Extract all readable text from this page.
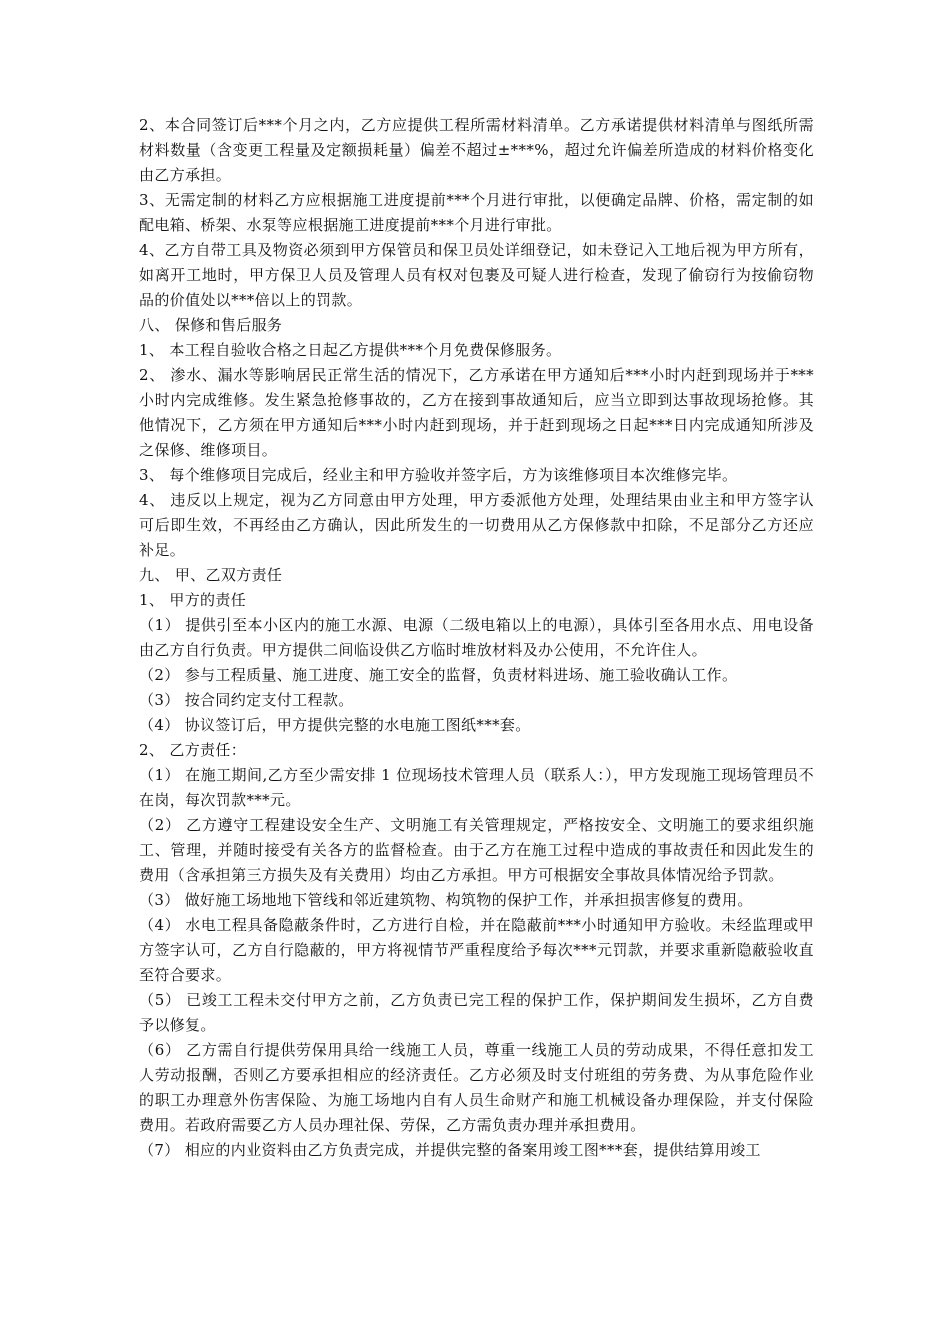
2、本合同签订后***个月之内，乙方应提供工程所需材料清单。乙方承诺提供材料清单与图纸所需材料数量（含变更工程量及定额损耗量）偏差不超过±***%，超过允许偏差所造成的材料价格变化由乙方承担。

3、无需定制的材料乙方应根据施工进度提前***个月进行审批，以便确定品牌、价格，需定制的如配电箱、桥架、水泵等应根据施工进度提前***个月进行审批。

4、乙方自带工具及物资必须到甲方保管员和保卫员处详细登记，如未登记入工地后视为甲方所有，如离开工地时，甲方保卫人员及管理人员有权对包裹及可疑人进行检查，发现了偷窃行为按偷窃物品的价值处以***倍以上的罚款。

八、 保修和售后服务

1、 本工程自验收合格之日起乙方提供***个月免费保修服务。

2、 渗水、漏水等影响居民正常生活的情况下，乙方承诺在甲方通知后***小时内赶到现场并于***小时内完成维修。发生紧急抢修事故的，乙方在接到事故通知后，应当立即到达事故现场抢修。其他情况下，乙方须在甲方通知后***小时内赶到现场，并于赶到现场之日起***日内完成通知所涉及之保修、维修项目。

3、 每个维修项目完成后，经业主和甲方验收并签字后，方为该维修项目本次维修完毕。

4、 违反以上规定，视为乙方同意由甲方处理，甲方委派他方处理，处理结果由业主和甲方签字认可后即生效，不再经由乙方确认，因此所发生的一切费用从乙方保修款中扣除，不足部分乙方还应补足。

九、 甲、乙双方责任

1、 甲方的责任

（1） 提供引至本小区内的施工水源、电源（二级电箱以上的电源），具体引至各用水点、用电设备由乙方自行负责。甲方提供二间临设供乙方临时堆放材料及办公使用，不允许住人。

（2） 参与工程质量、施工进度、施工安全的监督，负责材料进场、施工验收确认工作。

（3） 按合同约定支付工程款。

（4） 协议签订后，甲方提供完整的水电施工图纸***套。

2、 乙方责任：

（1） 在施工期间,乙方至少需安排 1 位现场技术管理人员（联系人：），甲方发现施工现场管理员不在岗，每次罚款***元。

（2） 乙方遵守工程建设安全生产、文明施工有关管理规定，严格按安全、文明施工的要求组织施工、管理，并随时接受有关各方的监督检查。由于乙方在施工过程中造成的事故责任和因此发生的费用（含承担第三方损失及有关费用）均由乙方承担。甲方可根据安全事故具体情况给予罚款。

（3） 做好施工场地地下管线和邻近建筑物、构筑物的保护工作，并承担损害修复的费用。

（4） 水电工程具备隐蔽条件时，乙方进行自检，并在隐蔽前***小时通知甲方验收。未经监理或甲方签字认可，乙方自行隐蔽的，甲方将视情节严重程度给予每次***元罚款，并要求重新隐蔽验收直至符合要求。

（5） 已竣工工程未交付甲方之前，乙方负责已完工程的保护工作，保护期间发生损坏，乙方自费予以修复。

（6） 乙方需自行提供劳保用具给一线施工人员，尊重一线施工人员的劳动成果，不得任意扣发工人劳动报酬，否则乙方要承担相应的经济责任。乙方必须及时支付班组的劳务费、为从事危险作业的职工办理意外伤害保险、为施工场地内自有人员生命财产和施工机械设备办理保险，并支付保险费用。若政府需要乙方人员办理社保、劳保，乙方需负责办理并承担费用。

（7） 相应的内业资料由乙方负责完成，并提供完整的备案用竣工图***套，提供结算用竣工
